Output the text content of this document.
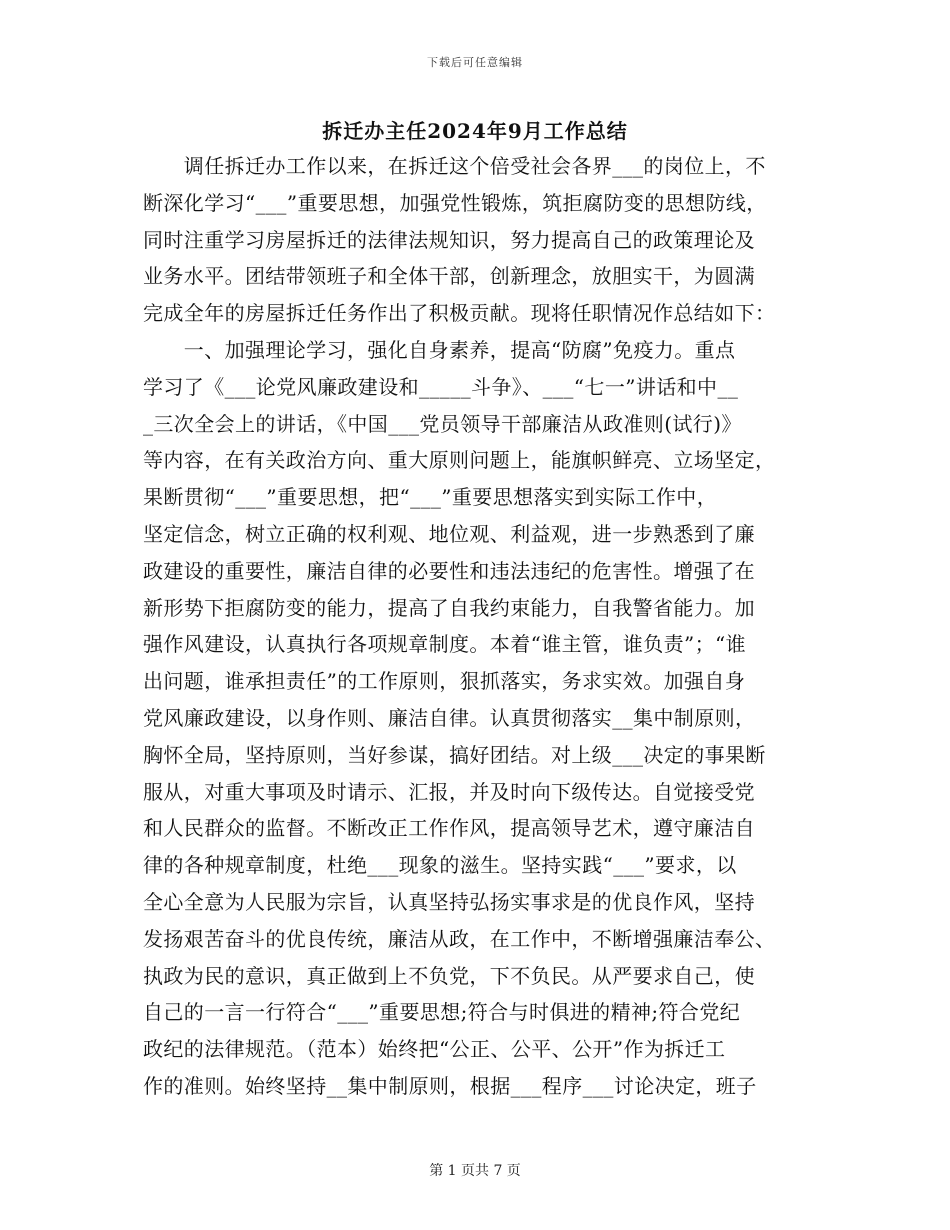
下载后可任意编辑
拆迁办主任2024年9月工作总结
　　调任拆迁办工作以来，在拆迁这个倍受社会各界___的岗位上，不
断深化学习“___”重要思想，加强党性锻炼，筑拒腐防变的思想防线，
同时注重学习房屋拆迁的法律法规知识，努力提高自己的政策理论及
业务水平。团结带领班子和全体干部，创新理念，放胆实干，为圆满
完成全年的房屋拆迁任务作出了积极贡献。现将任职情况作总结如下：
　　一、加强理论学习，强化自身素养，提高“防腐”免疫力。重点
学习了《___论党风廉政建设和_____斗争》、___“七一”讲话和中__
_三次全会上的讲话，《中国___党员领导干部廉洁从政准则(试行)》
等内容，在有关政治方向、重大原则问题上，能旗帜鲜亮、立场坚定，
果断贯彻“___”重要思想，把“___”重要思想落实到实际工作中，
坚定信念，树立正确的权利观、地位观、利益观，进一步熟悉到了廉
政建设的重要性，廉洁自律的必要性和违法违纪的危害性。增强了在
新形势下拒腐防变的能力，提高了自我约束能力，自我警省能力。加
强作风建设，认真执行各项规章制度。本着“谁主管，谁负责”；“谁
出问题，谁承担责任”的工作原则，狠抓落实，务求实效。加强自身
党风廉政建设，以身作则、廉洁自律。认真贯彻落实__集中制原则，
胸怀全局，坚持原则，当好参谋，搞好团结。对上级___决定的事果断
服从，对重大事项及时请示、汇报，并及时向下级传达。自觉接受党
和人民群众的监督。不断改正工作作风，提高领导艺术，遵守廉洁自
律的各种规章制度，杜绝___现象的滋生。坚持实践“___”要求，以
全心全意为人民服为宗旨，认真坚持弘扬实事求是的优良作风，坚持
发扬艰苦奋斗的优良传统，廉洁从政，在工作中，不断增强廉洁奉公、
执政为民的意识，真正做到上不负党，下不负民。从严要求自己，使
自己的一言一行符合“___”重要思想;符合与时俱进的精神;符合党纪
政纪的法律规范。（范本）始终把“公正、公平、公开”作为拆迁工
作的准则。始终坚持__集中制原则，根据___程序___讨论决定，班子
第 1 页共 7 页
